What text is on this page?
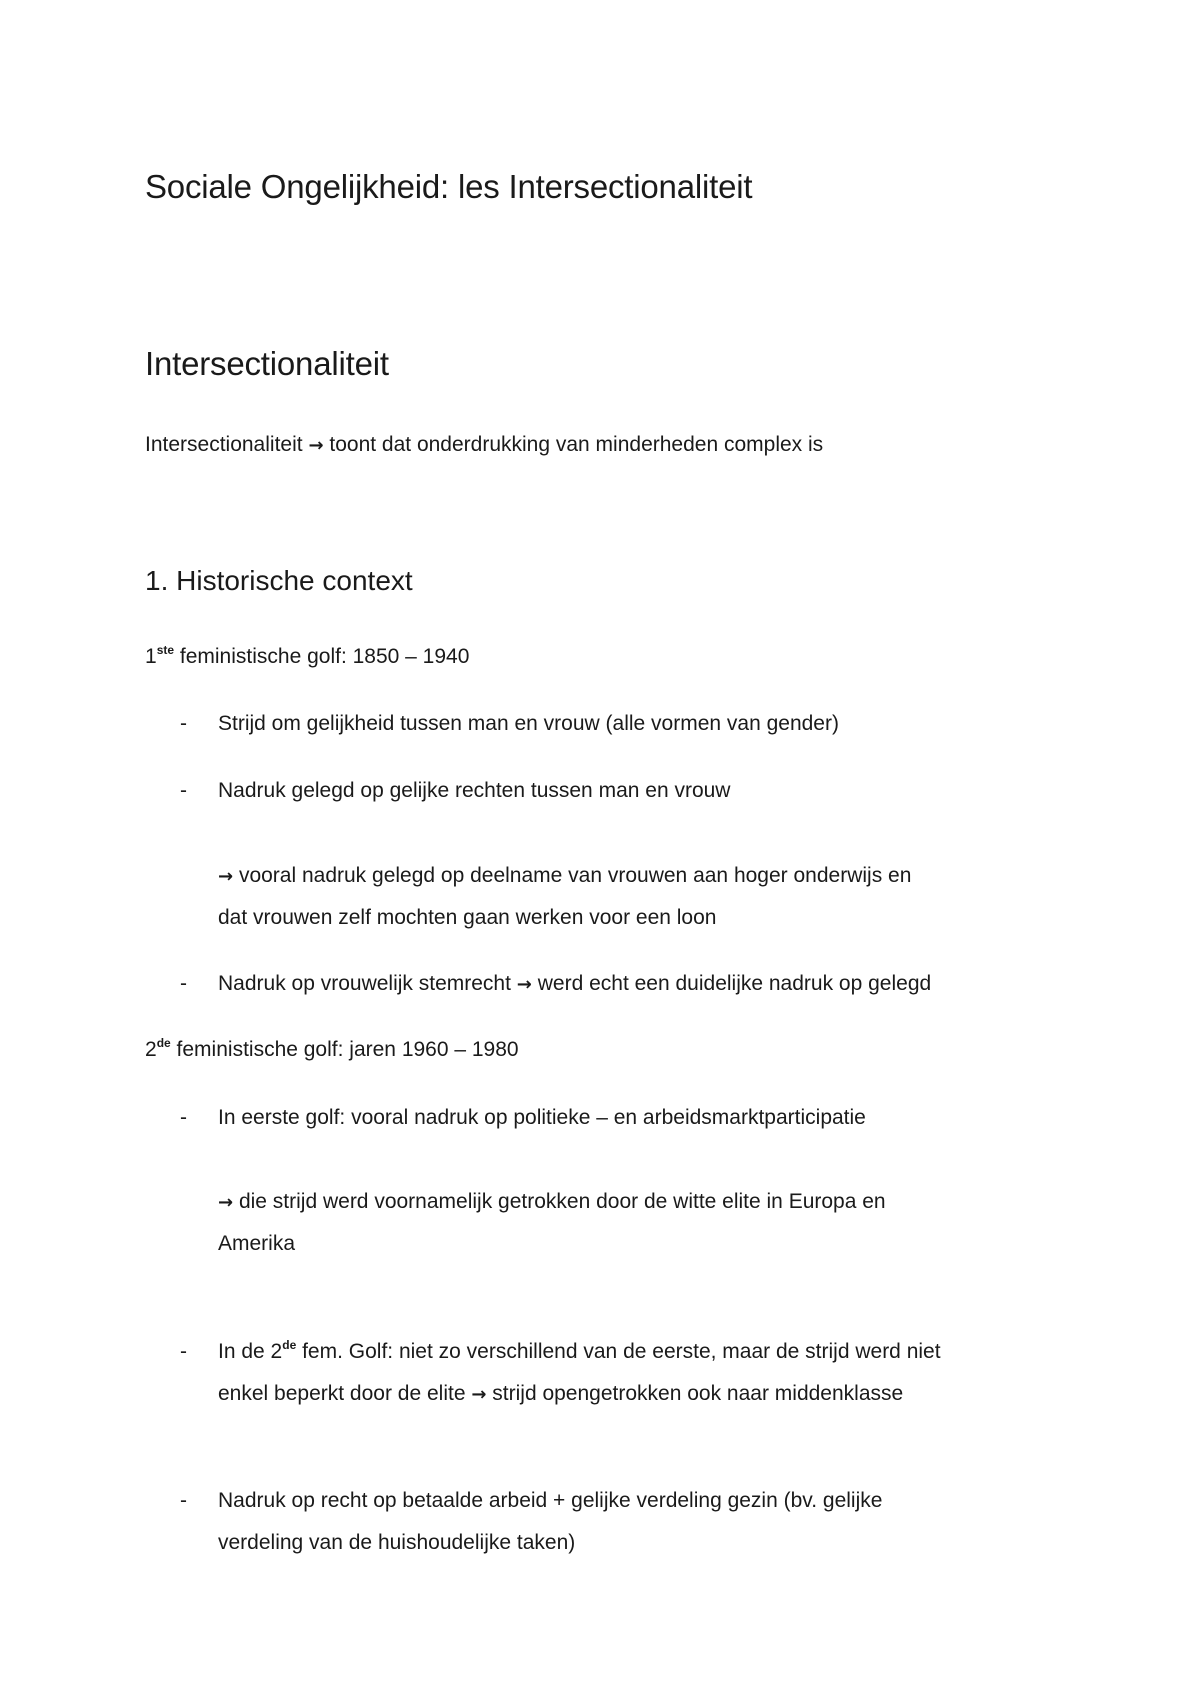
Sociale Ongelijkheid: les Intersectionaliteit
Intersectionaliteit
Intersectionaliteit → toont dat onderdrukking van minderheden complex is
1. Historische context
1ste feministische golf: 1850 – 1940
- Strijd om gelijkheid tussen man en vrouw (alle vormen van gender)
- Nadruk gelegd op gelijke rechten tussen man en vrouw
→ vooral nadruk gelegd op deelname van vrouwen aan hoger onderwijs en
dat vrouwen zelf mochten gaan werken voor een loon
- Nadruk op vrouwelijk stemrecht → werd echt een duidelijke nadruk op gelegd
2de feministische golf: jaren 1960 – 1980
- In eerste golf: vooral nadruk op politieke – en arbeidsmarktparticipatie
→ die strijd werd voornamelijk getrokken door de witte elite in Europa en
Amerika
- In de 2de fem. Golf: niet zo verschillend van de eerste, maar de strijd werd niet
enkel beperkt door de elite → strijd opengetrokken ook naar middenklasse
- Nadruk op recht op betaalde arbeid + gelijke verdeling gezin (bv. gelijke
verdeling van de huishoudelijke taken)
